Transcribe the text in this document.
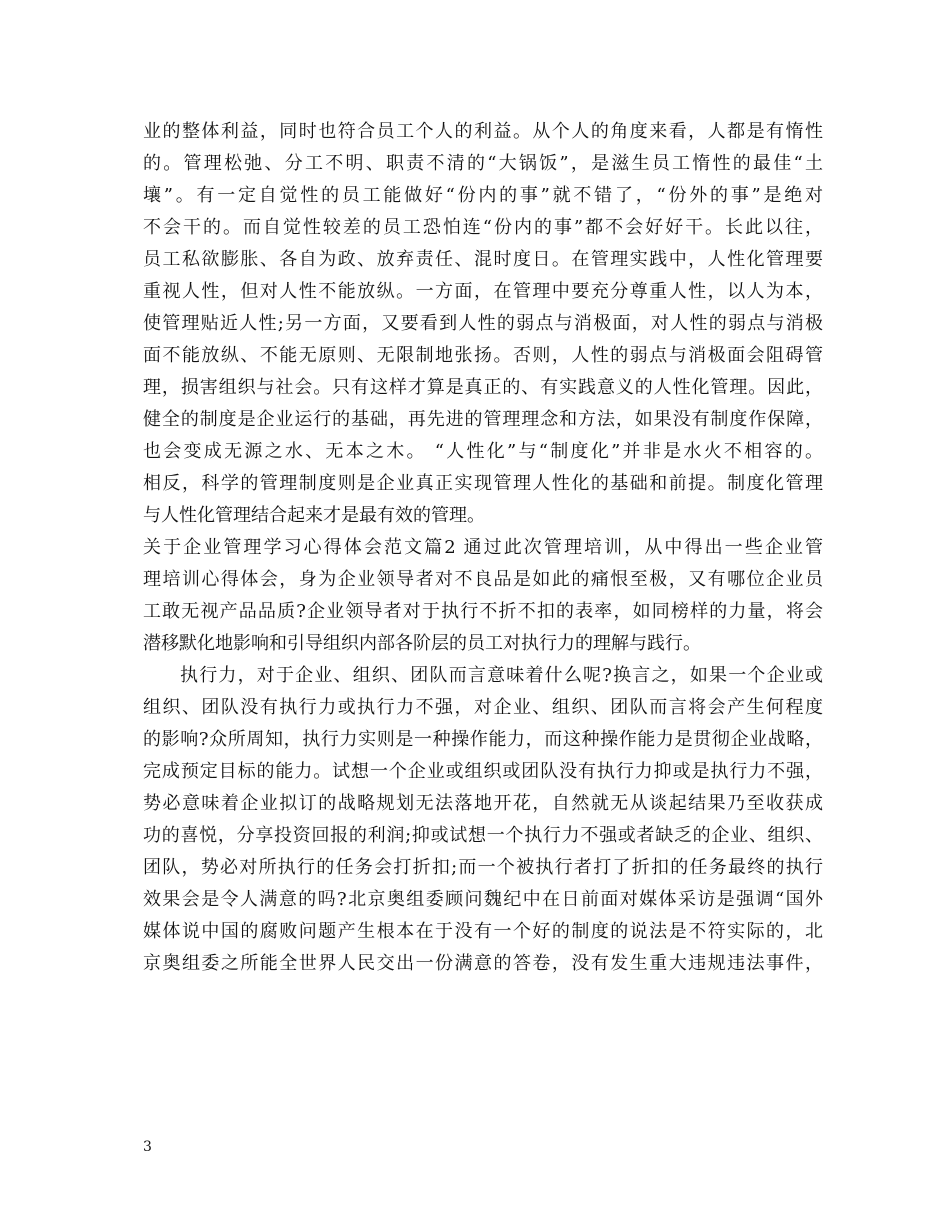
业的整体利益，同时也符合员工个人的利益。从个人的角度来看，人都是有惰性
的。管理松弛、分工不明、职责不清的“大锅饭”，是滋生员工惰性的最佳“土
壤”。有一定自觉性的员工能做好“份内的事”就不错了，“份外的事”是绝对
不会干的。而自觉性较差的员工恐怕连“份内的事”都不会好好干。长此以往，
员工私欲膨胀、各自为政、放弃责任、混时度日。在管理实践中，人性化管理要
重视人性，但对人性不能放纵。一方面，在管理中要充分尊重人性，以人为本，
使管理贴近人性;另一方面，又要看到人性的弱点与消极面，对人性的弱点与消极
面不能放纵、不能无原则、无限制地张扬。否则，人性的弱点与消极面会阻碍管
理，损害组织与社会。只有这样才算是真正的、有实践意义的人性化管理。因此，
健全的制度是企业运行的基础，再先进的管理理念和方法，如果没有制度作保障，
也会变成无源之水、无本之木。 “人性化”与“制度化”并非是水火不相容的。
相反，科学的管理制度则是企业真正实现管理人性化的基础和前提。制度化管理
与人性化管理结合起来才是最有效的管理。
关于企业管理学习心得体会范文篇2 通过此次管理培训，从中得出一些企业管
理培训心得体会，身为企业领导者对不良品是如此的痛恨至极，又有哪位企业员
工敢无视产品品质?企业领导者对于执行不折不扣的表率，如同榜样的力量，将会
潜移默化地影响和引导组织内部各阶层的员工对执行力的理解与践行。
执行力，对于企业、组织、团队而言意味着什么呢?换言之，如果一个企业或
组织、团队没有执行力或执行力不强，对企业、组织、团队而言将会产生何程度
的影响?众所周知，执行力实则是一种操作能力，而这种操作能力是贯彻企业战略，
完成预定目标的能力。试想一个企业或组织或团队没有执行力抑或是执行力不强，
势必意味着企业拟订的战略规划无法落地开花，自然就无从谈起结果乃至收获成
功的喜悦，分享投资回报的利润;抑或试想一个执行力不强或者缺乏的企业、组织、
团队，势必对所执行的任务会打折扣;而一个被执行者打了折扣的任务最终的执行
效果会是令人满意的吗?北京奥组委顾问魏纪中在日前面对媒体采访是强调“国外
媒体说中国的腐败问题产生根本在于没有一个好的制度的说法是不符实际的，北
京奥组委之所能全世界人民交出一份满意的答卷，没有发生重大违规违法事件，
3
